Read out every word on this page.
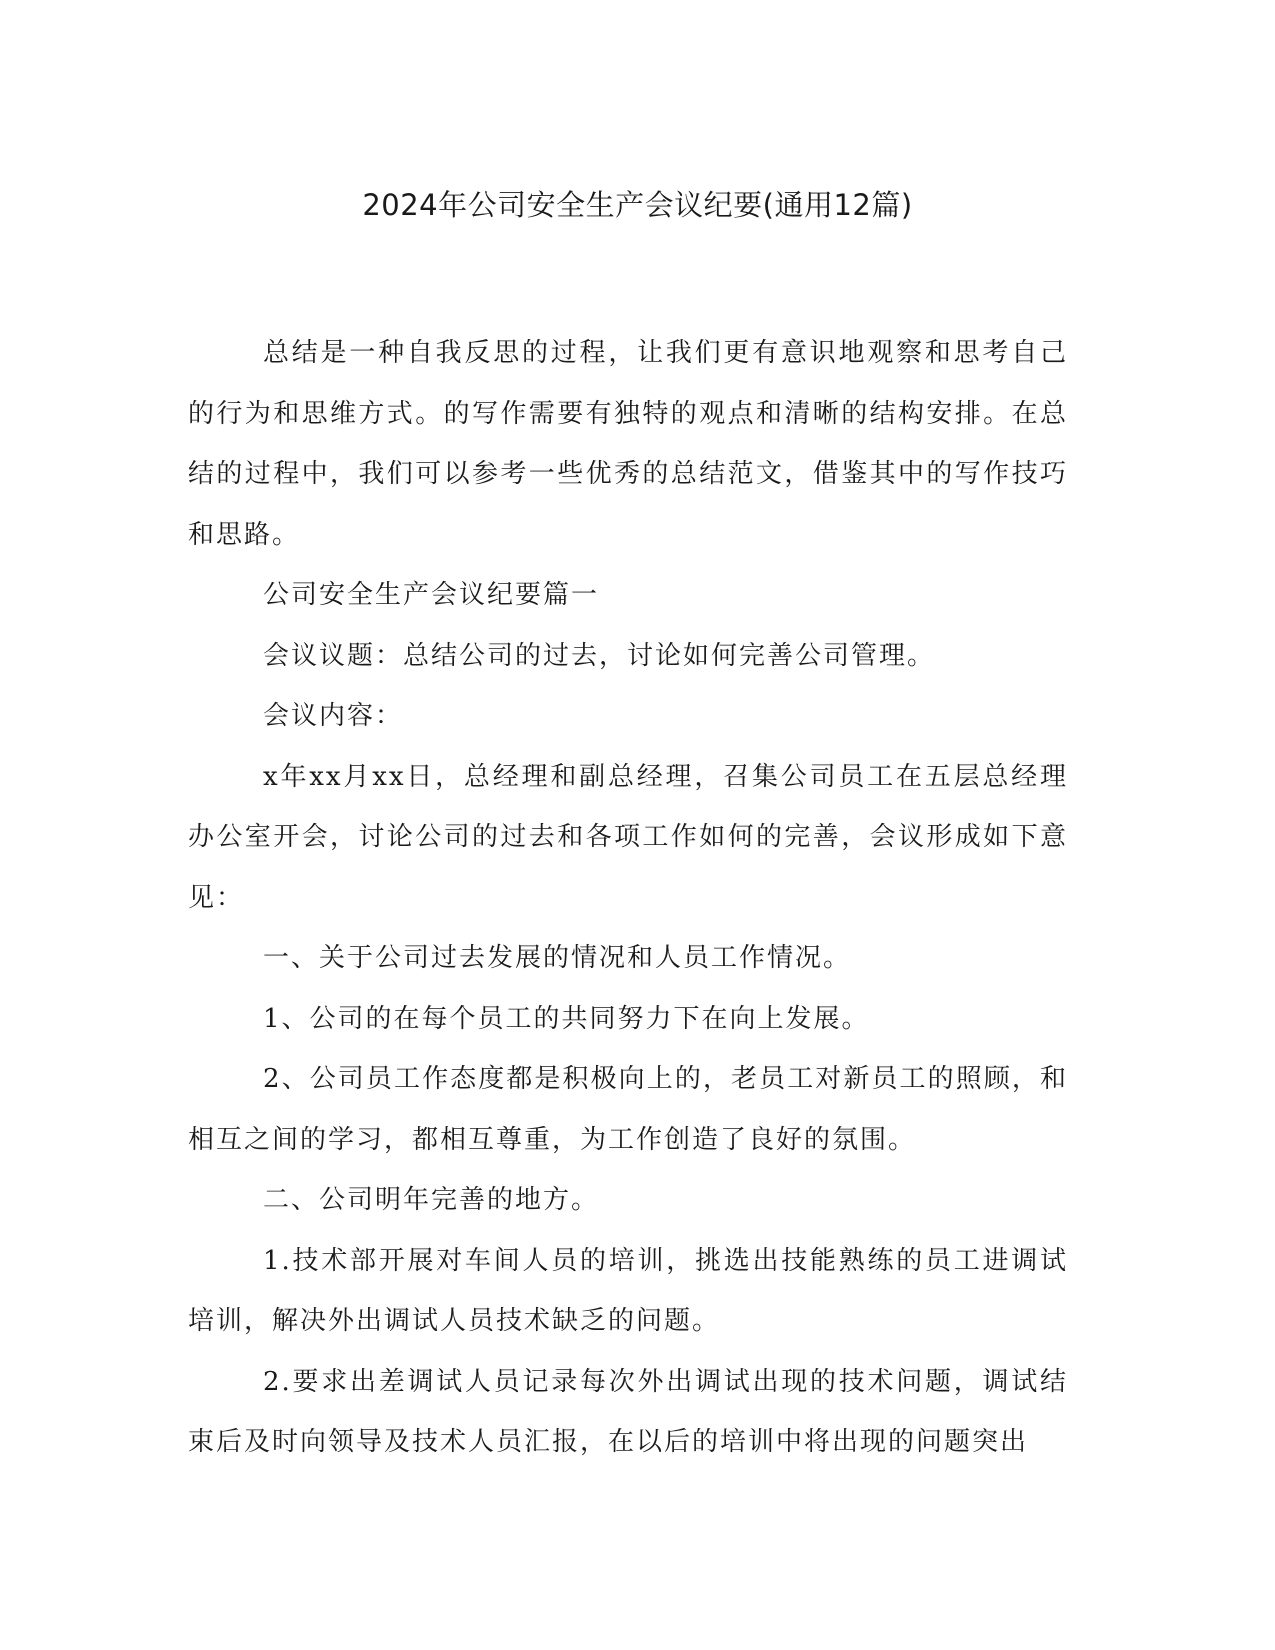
2024年公司安全生产会议纪要(通用12篇)

总结是一种自我反思的过程，让我们更有意识地观察和思考自己的行为和思维方式。的写作需要有独特的观点和清晰的结构安排。在总结的过程中，我们可以参考一些优秀的总结范文，借鉴其中的写作技巧和思路。

公司安全生产会议纪要篇一

会议议题：总结公司的过去，讨论如何完善公司管理。

会议内容：

x年xx月xx日，总经理和副总经理，召集公司员工在五层总经理办公室开会，讨论公司的过去和各项工作如何的完善，会议形成如下意见：

一、关于公司过去发展的情况和人员工作情况。

1、公司的在每个员工的共同努力下在向上发展。

2、公司员工作态度都是积极向上的，老员工对新员工的照顾，和相互之间的学习，都相互尊重，为工作创造了良好的氛围。

二、公司明年完善的地方。

1.技术部开展对车间人员的培训，挑选出技能熟练的员工进调试培训，解决外出调试人员技术缺乏的问题。

2.要求出差调试人员记录每次外出调试出现的技术问题，调试结束后及时向领导及技术人员汇报，在以后的培训中将出现的问题突出
